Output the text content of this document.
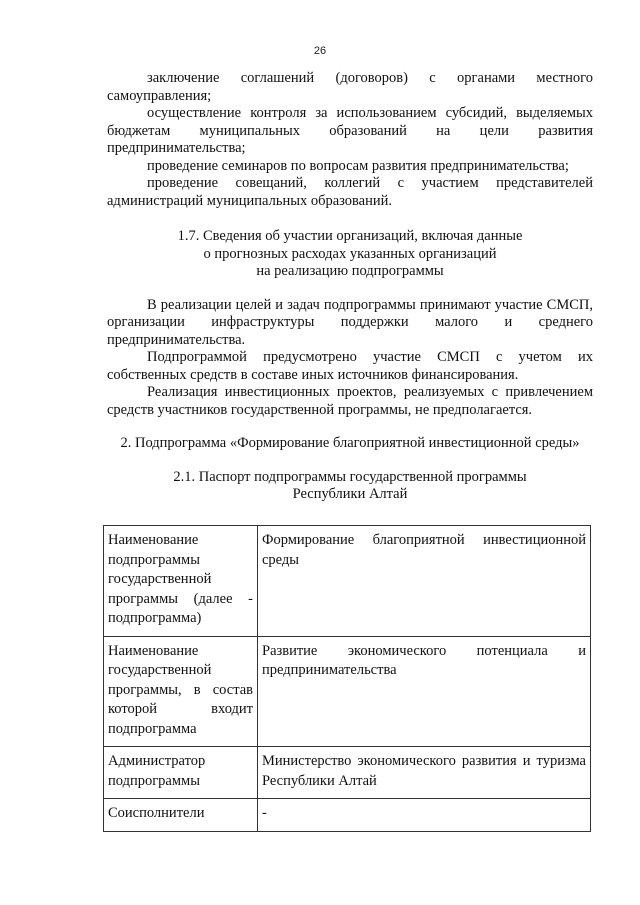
26

заключение соглашений (договоров) с органами местного самоуправления;

осуществление контроля за использованием субсидий, выделяемых бюджетам муниципальных образований на цели развития предпринимательства;

проведение семинаров по вопросам развития предпринимательства;

проведение совещаний, коллегий с участием представителей администраций муниципальных образований.

1.7. Сведения об участии организаций, включая данные

о прогнозных расходах указанных организаций

на реализацию подпрограммы

В реализации целей и задач подпрограммы принимают участие СМСП, организации инфраструктуры поддержки малого и среднего предпринимательства.

Подпрограммой предусмотрено участие СМСП с учетом их собственных средств в составе иных источников финансирования.

Реализация инвестиционных проектов, реализуемых с привлечением средств участников государственной программы, не предполагается.

2. Подпрограмма «Формирование благоприятной инвестиционной среды»

2.1. Паспорт подпрограммы государственной программы

Республики Алтай

Наименование подпрограммы государственной программы (далее - подпрограмма)	Формирование благоприятной инвестиционной среды
Наименование государственной программы, в состав которой входит подпрограмма	Развитие экономического потенциала и предпринимательства
Администратор подпрограммы	Министерство экономического развития и туризма Республики Алтай
Соисполнители	-
